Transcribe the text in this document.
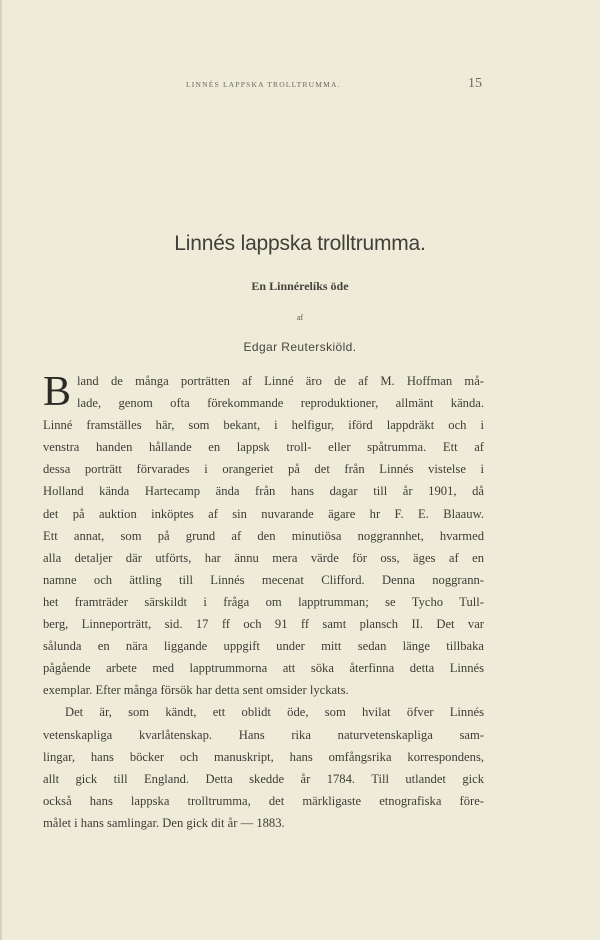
LINNÉS LAPPSKA TROLLTRUMMA.	15
Linnés lappska trolltrumma.
En Linnérelíks öde
af
Edgar Reuterskiöld.
B land de många porträtten af Linné äro de af M. Hoffman må-
lade, genom ofta förekommande reproduktioner, allmänt kända.
Linné framställes här, som bekant, i helfigur, iförd lappdräkt och i
venstra handen hållande en lappsk troll- eller spåtrumma. Ett af
dessa porträtt förvarades i orangeriet på det från Linnés vistelse i
Holland kända Hartecamp ända från hans dagar till år 1901, då
det på auktion inköptes af sin nuvarande ägare hr F. E. Blaauw.
Ett annat, som på grund af den minutiösa noggrannhet, hvarmed
alla detaljer där utförts, har ännu mera värde för oss, äges af en
namne och ättling till Linnés mecenat Clifford. Denna noggrann-
het framträder särskildt i fråga om lapptrumman; se Tycho Tull-
berg, Linneporträtt, sid. 17 ff och 91 ff samt plansch II. Det var
sålunda en nära liggande uppgift under mitt sedan länge tillbaka
pågående arbete med lapptrummorna att söka återfinna detta Linnés
exemplar. Efter många försök har detta sent omsider lyckats.
Det är, som kändt, ett oblidt öde, som hvilat öfver Linnés
vetenskapliga kvarlåtenskap. Hans rika naturvetenskapliga sam-
lingar, hans böcker och manuskript, hans omfångsrika korrespondens,
allt gick till England. Detta skedde år 1784. Till utlandet gick
också hans lappska trolltrumma, det märkligaste etnografiska före-
målet i hans samlingar. Den gick dit år — 1883.
